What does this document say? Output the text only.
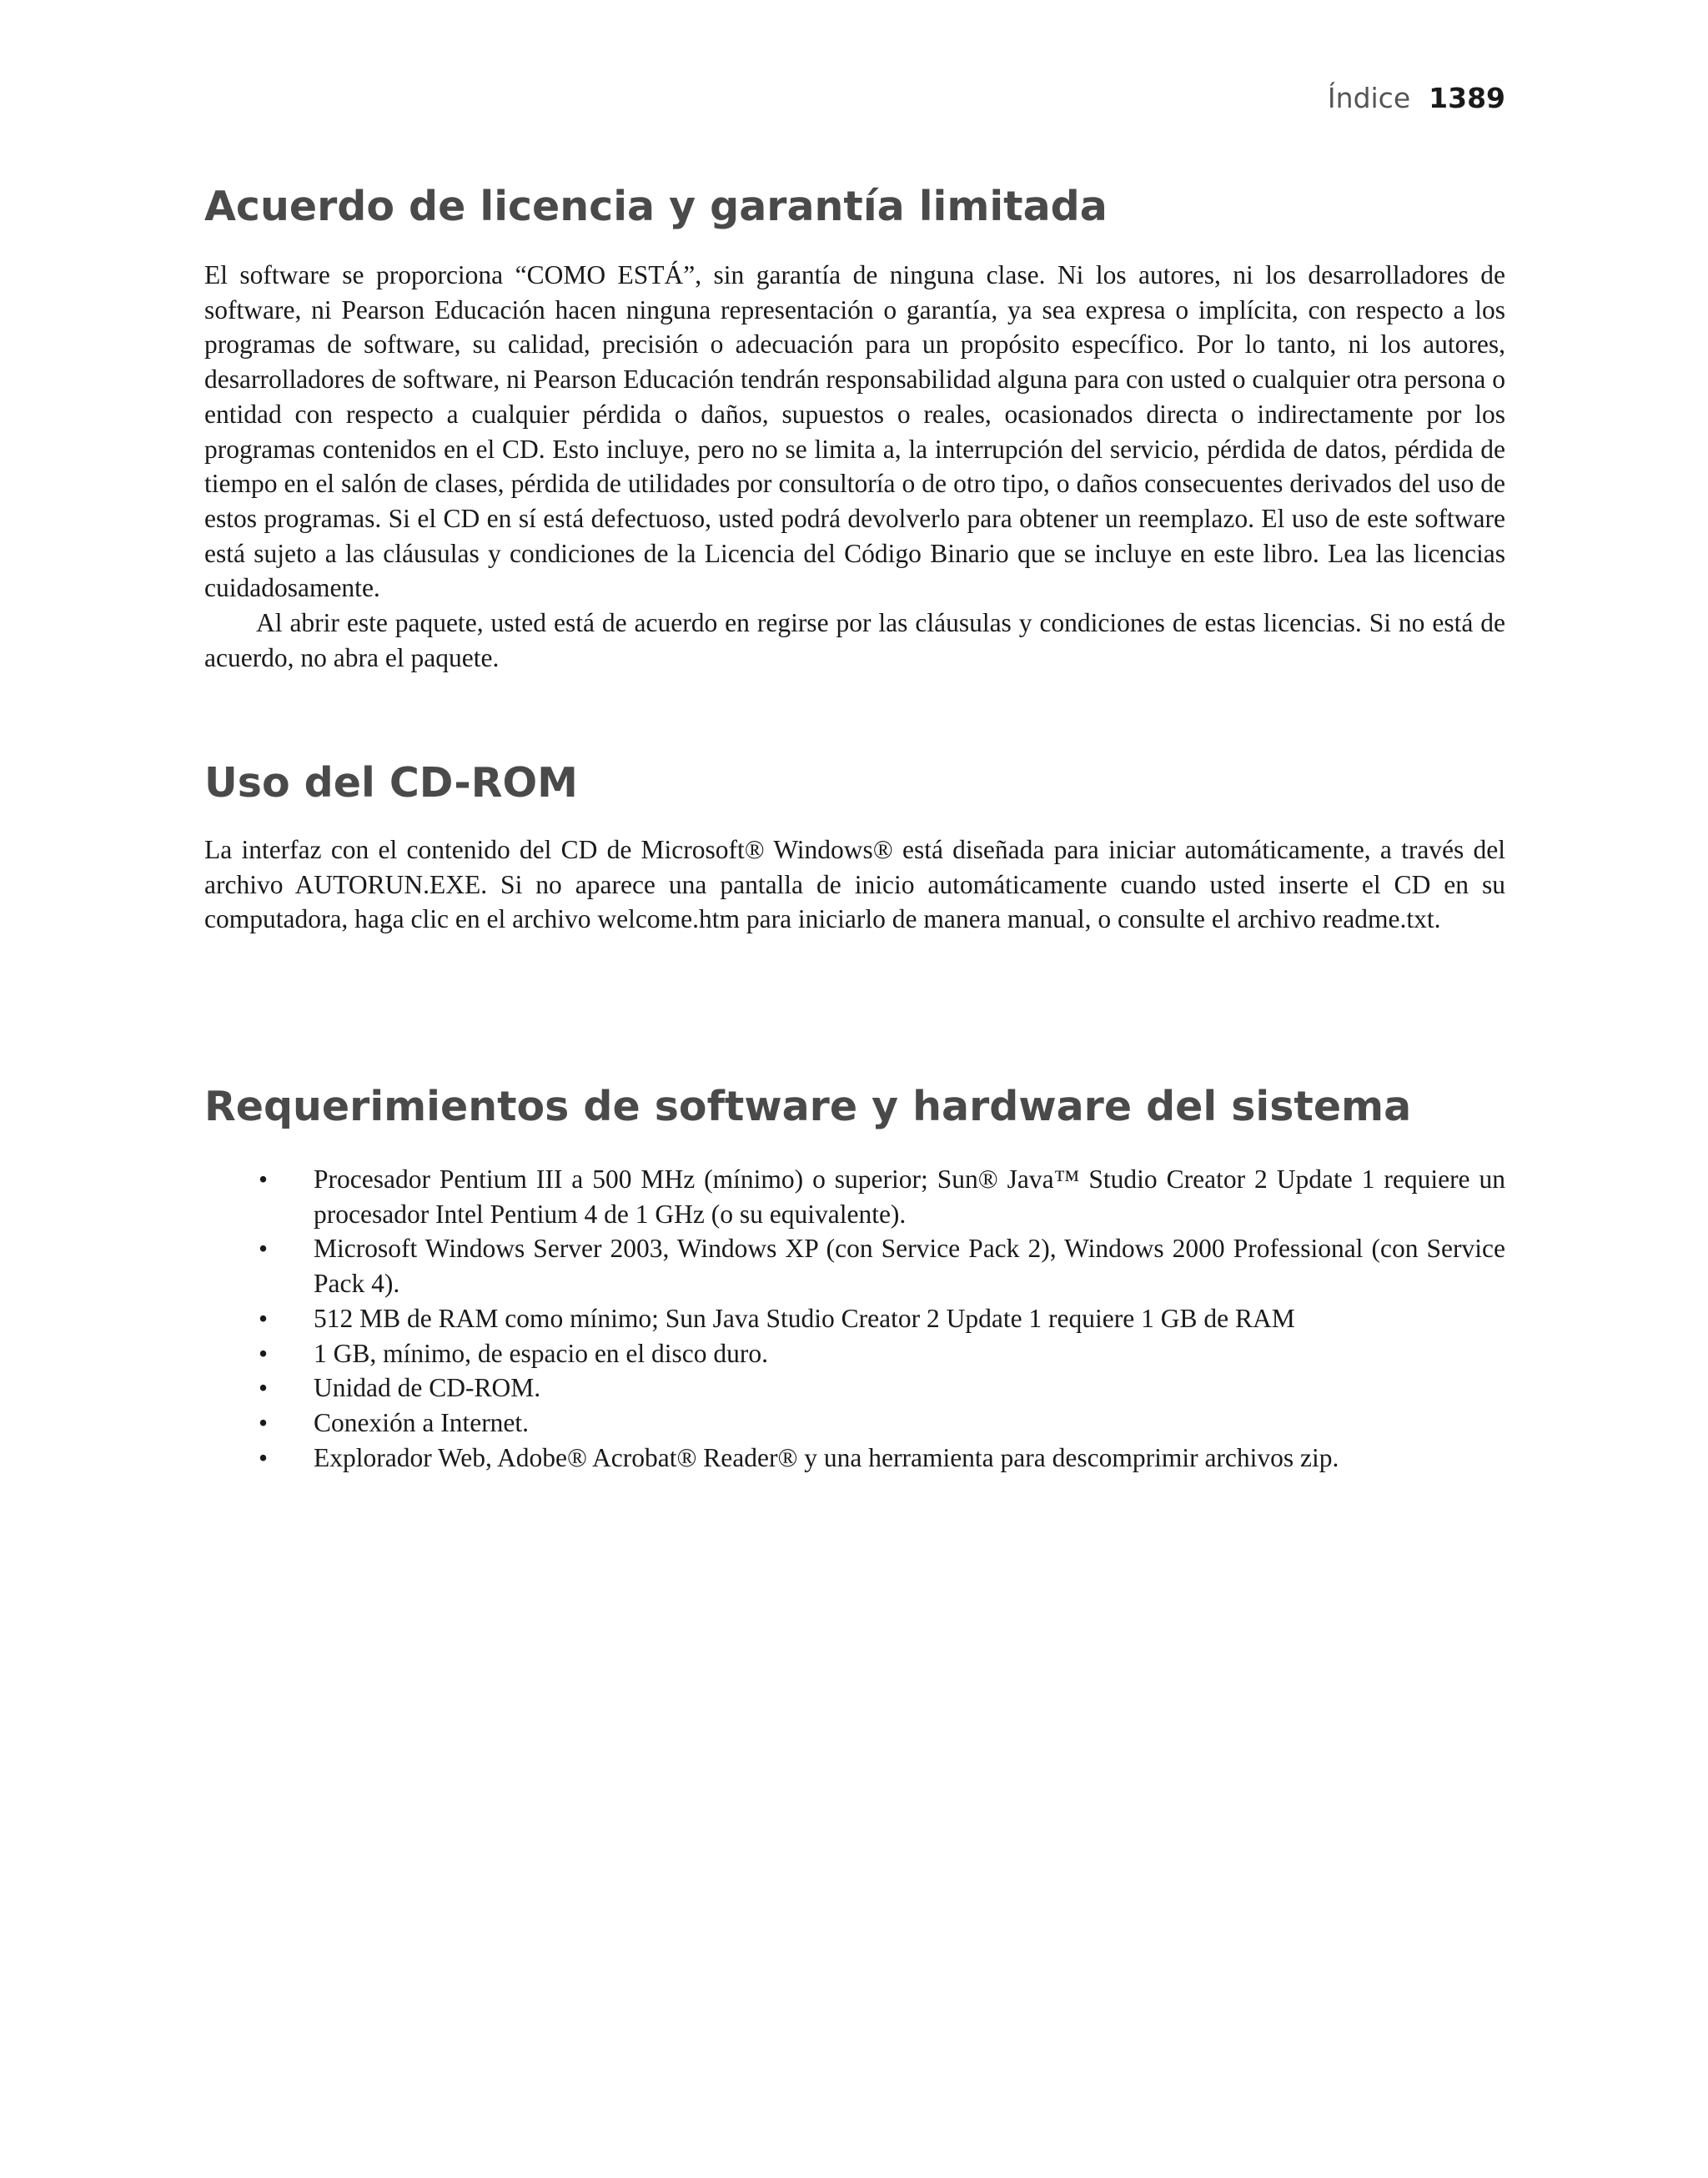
Índice 1389
Acuerdo de licencia y garantía limitada

El software se proporciona “COMO ESTÁ”, sin garantía de ninguna clase. Ni los autores, ni los desarrolladores de software, ni Pearson Educación hacen ninguna representación o garantía, ya sea expresa o implícita, con respecto a los programas de software, su calidad, precisión o adecuación para un propósito específico. Por lo tanto, ni los autores, desarrolladores de software, ni Pearson Educación tendrán responsabilidad alguna para con usted o cualquier otra persona o entidad con respecto a cualquier pérdida o daños, supuestos o reales, ocasionados directa o indirectamente por los programas contenidos en el CD. Esto incluye, pero no se limita a, la interrupción del servicio, pérdida de datos, pérdida de tiempo en el salón de clases, pérdida de utilidades por consultoría o de otro tipo, o daños consecuentes derivados del uso de estos programas. Si el CD en sí está defectuoso, usted podrá devolverlo para obtener un reemplazo. El uso de este software está sujeto a las cláusulas y condiciones de la Licencia del Código Binario que se incluye en este libro. Lea las licencias cuidadosamente.

Al abrir este paquete, usted está de acuerdo en regirse por las cláusulas y condiciones de estas licencias. Si no está de acuerdo, no abra el paquete.

Uso del CD-ROM

La interfaz con el contenido del CD de Microsoft® Windows® está diseñada para iniciar automáticamente, a través del archivo AUTORUN.EXE. Si no aparece una pantalla de inicio automáticamente cuando usted inserte el CD en su computadora, haga clic en el archivo welcome.htm para iniciarlo de manera manual, o consulte el archivo readme.txt.

Requerimientos de software y hardware del sistema
• Procesador Pentium III a 500 MHz (mínimo) o superior; Sun® Java™ Studio Creator 2 Update 1 requiere un procesador Intel Pentium 4 de 1 GHz (o su equivalente).
• Microsoft Windows Server 2003, Windows XP (con Service Pack 2), Windows 2000 Professional (con Service Pack 4).
• 512 MB de RAM como mínimo; Sun Java Studio Creator 2 Update 1 requiere 1 GB de RAM
• 1 GB, mínimo, de espacio en el disco duro.
• Unidad de CD-ROM.
• Conexión a Internet.
• Explorador Web, Adobe® Acrobat® Reader® y una herramienta para descomprimir archivos zip.
